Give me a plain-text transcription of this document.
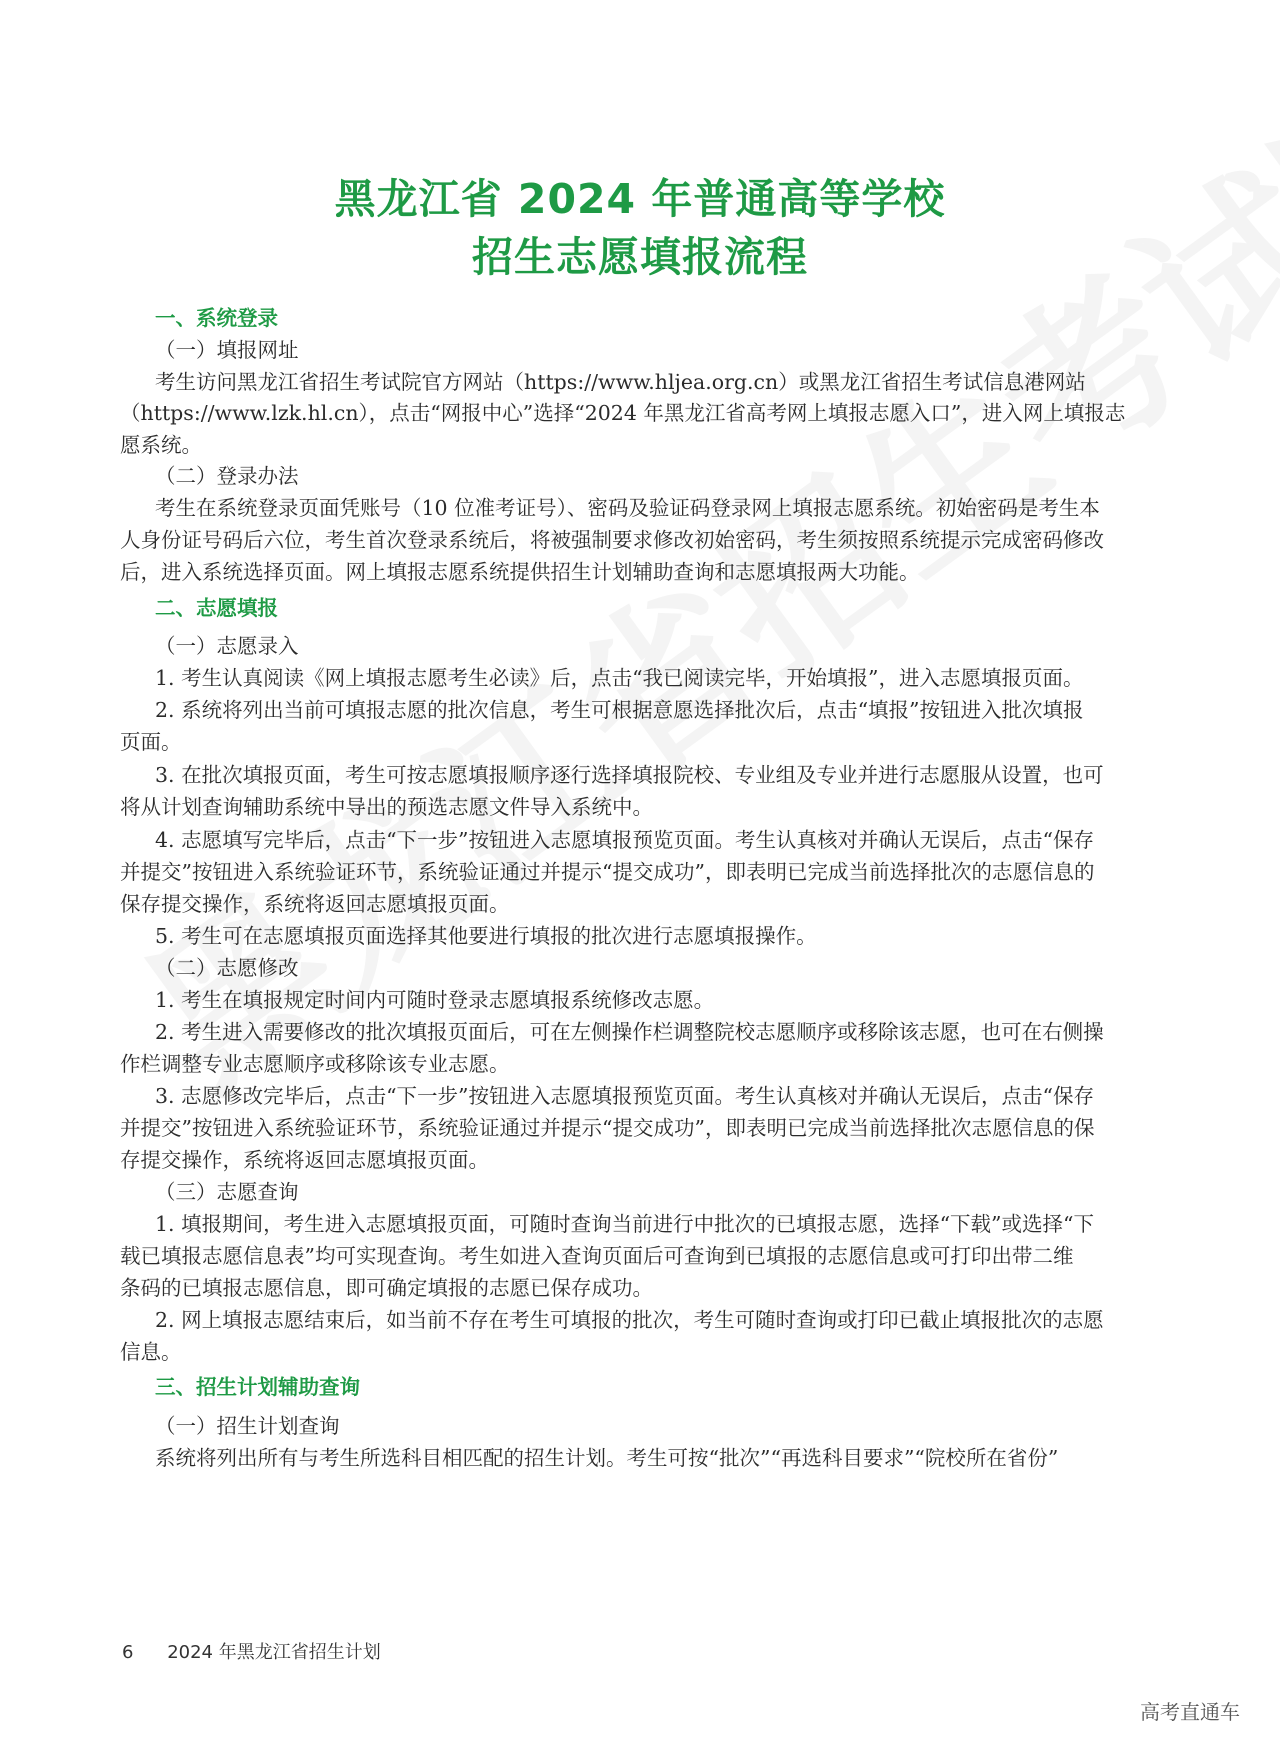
黑龙江省 2024 年普通高等学校
招生志愿填报流程
一、系统登录
（一）填报网址
考生访问黑龙江省招生考试院官方网站（https://www.hljea.org.cn）或黑龙江省招生考试信息港网站
（https://www.lzk.hl.cn），点击“网报中心”选择“2024 年黑龙江省高考网上填报志愿入口”，进入网上填报志
愿系统。
（二）登录办法
考生在系统登录页面凭账号（10 位准考证号）、密码及验证码登录网上填报志愿系统。初始密码是考生本
人身份证号码后六位，考生首次登录系统后，将被强制要求修改初始密码，考生须按照系统提示完成密码修改
后，进入系统选择页面。网上填报志愿系统提供招生计划辅助查询和志愿填报两大功能。
二、志愿填报
（一）志愿录入
1. 考生认真阅读《网上填报志愿考生必读》后，点击“我已阅读完毕，开始填报”，进入志愿填报页面。
2. 系统将列出当前可填报志愿的批次信息，考生可根据意愿选择批次后，点击“填报”按钮进入批次填报
页面。
3. 在批次填报页面，考生可按志愿填报顺序逐行选择填报院校、专业组及专业并进行志愿服从设置，也可
将从计划查询辅助系统中导出的预选志愿文件导入系统中。
4. 志愿填写完毕后，点击“下一步”按钮进入志愿填报预览页面。考生认真核对并确认无误后，点击“保存
并提交”按钮进入系统验证环节，系统验证通过并提示“提交成功”，即表明已完成当前选择批次的志愿信息的
保存提交操作，系统将返回志愿填报页面。
5. 考生可在志愿填报页面选择其他要进行填报的批次进行志愿填报操作。
（二）志愿修改
1. 考生在填报规定时间内可随时登录志愿填报系统修改志愿。
2. 考生进入需要修改的批次填报页面后，可在左侧操作栏调整院校志愿顺序或移除该志愿，也可在右侧操
作栏调整专业志愿顺序或移除该专业志愿。
3. 志愿修改完毕后，点击“下一步”按钮进入志愿填报预览页面。考生认真核对并确认无误后，点击“保存
并提交”按钮进入系统验证环节，系统验证通过并提示“提交成功”，即表明已完成当前选择批次志愿信息的保
存提交操作，系统将返回志愿填报页面。
（三）志愿查询
1. 填报期间，考生进入志愿填报页面，可随时查询当前进行中批次的已填报志愿，选择“下载”或选择“下
载已填报志愿信息表”均可实现查询。考生如进入查询页面后可查询到已填报的志愿信息或可打印出带二维
条码的已填报志愿信息，即可确定填报的志愿已保存成功。
2. 网上填报志愿结束后，如当前不存在考生可填报的批次，考生可随时查询或打印已截止填报批次的志愿
信息。
三、招生计划辅助查询
（一）招生计划查询
系统将列出所有与考生所选科目相匹配的招生计划。考生可按“批次”“再选科目要求”“院校所在省份”
6 2024 年黑龙江省招生计划
高考直通车
